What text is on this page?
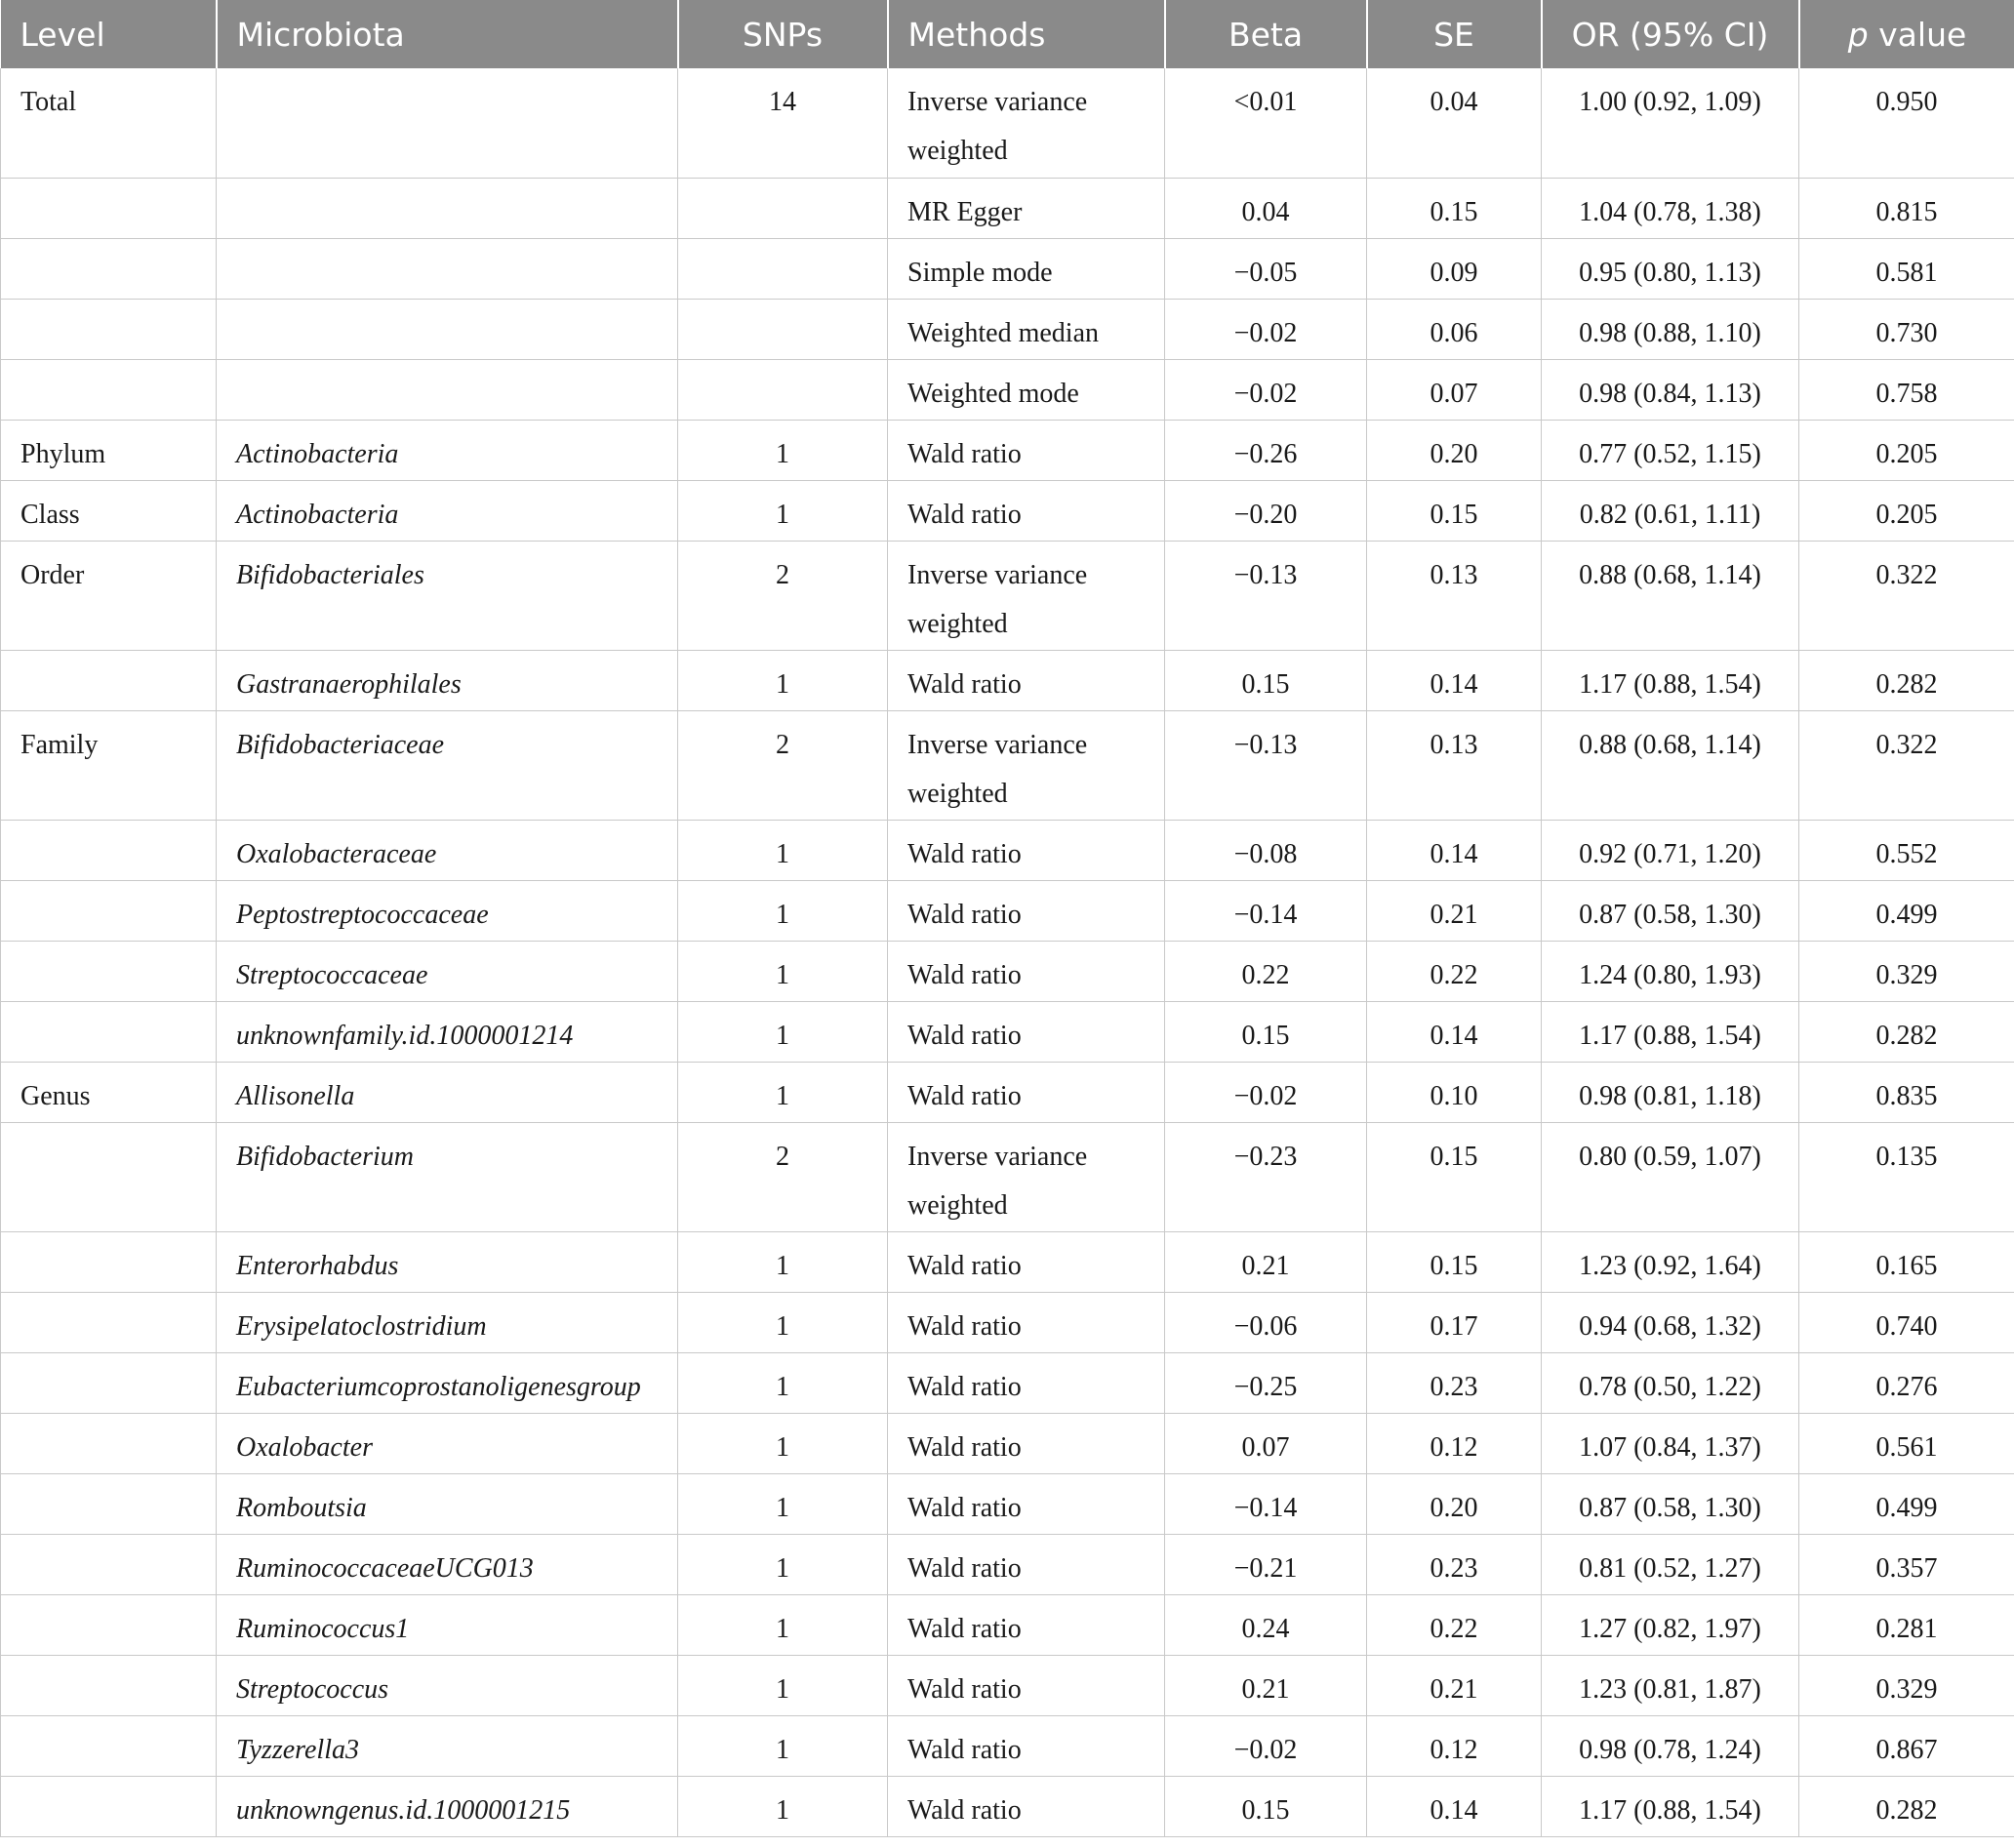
Level	Microbiota	SNPs	Methods	Beta	SE	OR (95% CI)	p value
Total		14	Inverse variance weighted	<0.01	0.04	1.00 (0.92, 1.09)	0.950
			MR Egger	0.04	0.15	1.04 (0.78, 1.38)	0.815
			Simple mode	−0.05	0.09	0.95 (0.80, 1.13)	0.581
			Weighted median	−0.02	0.06	0.98 (0.88, 1.10)	0.730
			Weighted mode	−0.02	0.07	0.98 (0.84, 1.13)	0.758
Phylum	Actinobacteria	1	Wald ratio	−0.26	0.20	0.77 (0.52, 1.15)	0.205
Class	Actinobacteria	1	Wald ratio	−0.20	0.15	0.82 (0.61, 1.11)	0.205
Order	Bifidobacteriales	2	Inverse variance weighted	−0.13	0.13	0.88 (0.68, 1.14)	0.322
	Gastranaerophilales	1	Wald ratio	0.15	0.14	1.17 (0.88, 1.54)	0.282
Family	Bifidobacteriaceae	2	Inverse variance weighted	−0.13	0.13	0.88 (0.68, 1.14)	0.322
	Oxalobacteraceae	1	Wald ratio	−0.08	0.14	0.92 (0.71, 1.20)	0.552
	Peptostreptococcaceae	1	Wald ratio	−0.14	0.21	0.87 (0.58, 1.30)	0.499
	Streptococcaceae	1	Wald ratio	0.22	0.22	1.24 (0.80, 1.93)	0.329
	unknownfamily.id.1000001214	1	Wald ratio	0.15	0.14	1.17 (0.88, 1.54)	0.282
Genus	Allisonella	1	Wald ratio	−0.02	0.10	0.98 (0.81, 1.18)	0.835
	Bifidobacterium	2	Inverse variance weighted	−0.23	0.15	0.80 (0.59, 1.07)	0.135
	Enterorhabdus	1	Wald ratio	0.21	0.15	1.23 (0.92, 1.64)	0.165
	Erysipelatoclostridium	1	Wald ratio	−0.06	0.17	0.94 (0.68, 1.32)	0.740
	Eubacteriumcoprostanoligenesgroup	1	Wald ratio	−0.25	0.23	0.78 (0.50, 1.22)	0.276
	Oxalobacter	1	Wald ratio	0.07	0.12	1.07 (0.84, 1.37)	0.561
	Romboutsia	1	Wald ratio	−0.14	0.20	0.87 (0.58, 1.30)	0.499
	RuminococcaceaeUCG013	1	Wald ratio	−0.21	0.23	0.81 (0.52, 1.27)	0.357
	Ruminococcus1	1	Wald ratio	0.24	0.22	1.27 (0.82, 1.97)	0.281
	Streptococcus	1	Wald ratio	0.21	0.21	1.23 (0.81, 1.87)	0.329
	Tyzzerella3	1	Wald ratio	−0.02	0.12	0.98 (0.78, 1.24)	0.867
	unknowngenus.id.1000001215	1	Wald ratio	0.15	0.14	1.17 (0.88, 1.54)	0.282
